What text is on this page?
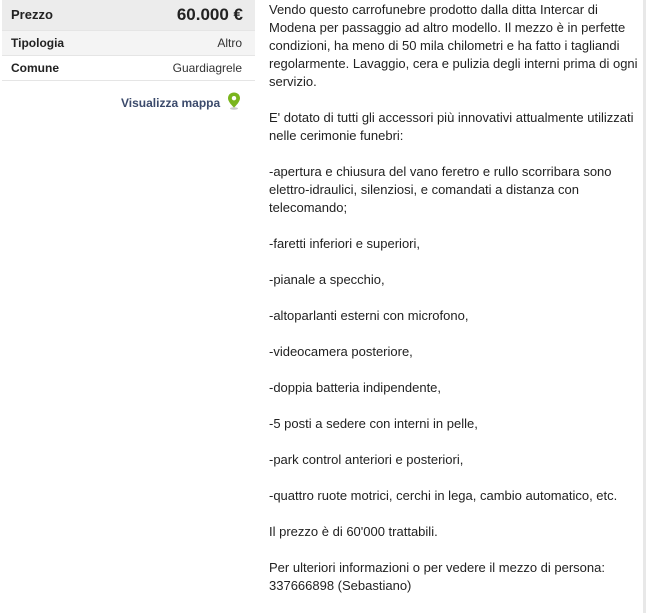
Prezzo	60.000 €
Tipologia	Altro
Comune	Guardiagrele
Visualizza mappa

Vendo questo carrofunebre prodotto dalla ditta Intercar di Modena per passaggio ad altro modello. Il mezzo è in perfette condizioni, ha meno di 50 mila chilometri e ha fatto i tagliandi regolarmente. Lavaggio, cera e pulizia degli interni prima di ogni servizio.

E' dotato di tutti gli accessori più innovativi attualmente utilizzati nelle cerimonie funebri:

-apertura e chiusura del vano feretro e rullo scorribara sono elettro-idraulici, silenziosi, e comandati a distanza con telecomando;

-faretti inferiori e superiori,

-pianale a specchio,

-altoparlanti esterni con microfono,

-videocamera posteriore,

-doppia batteria indipendente,

-5 posti a sedere con interni in pelle,

-park control anteriori e posteriori,

-quattro ruote motrici, cerchi in lega, cambio automatico, etc.

Il prezzo è di 60'000 trattabili.

Per ulteriori informazioni o per vedere il mezzo di persona: 337666898 (Sebastiano)
